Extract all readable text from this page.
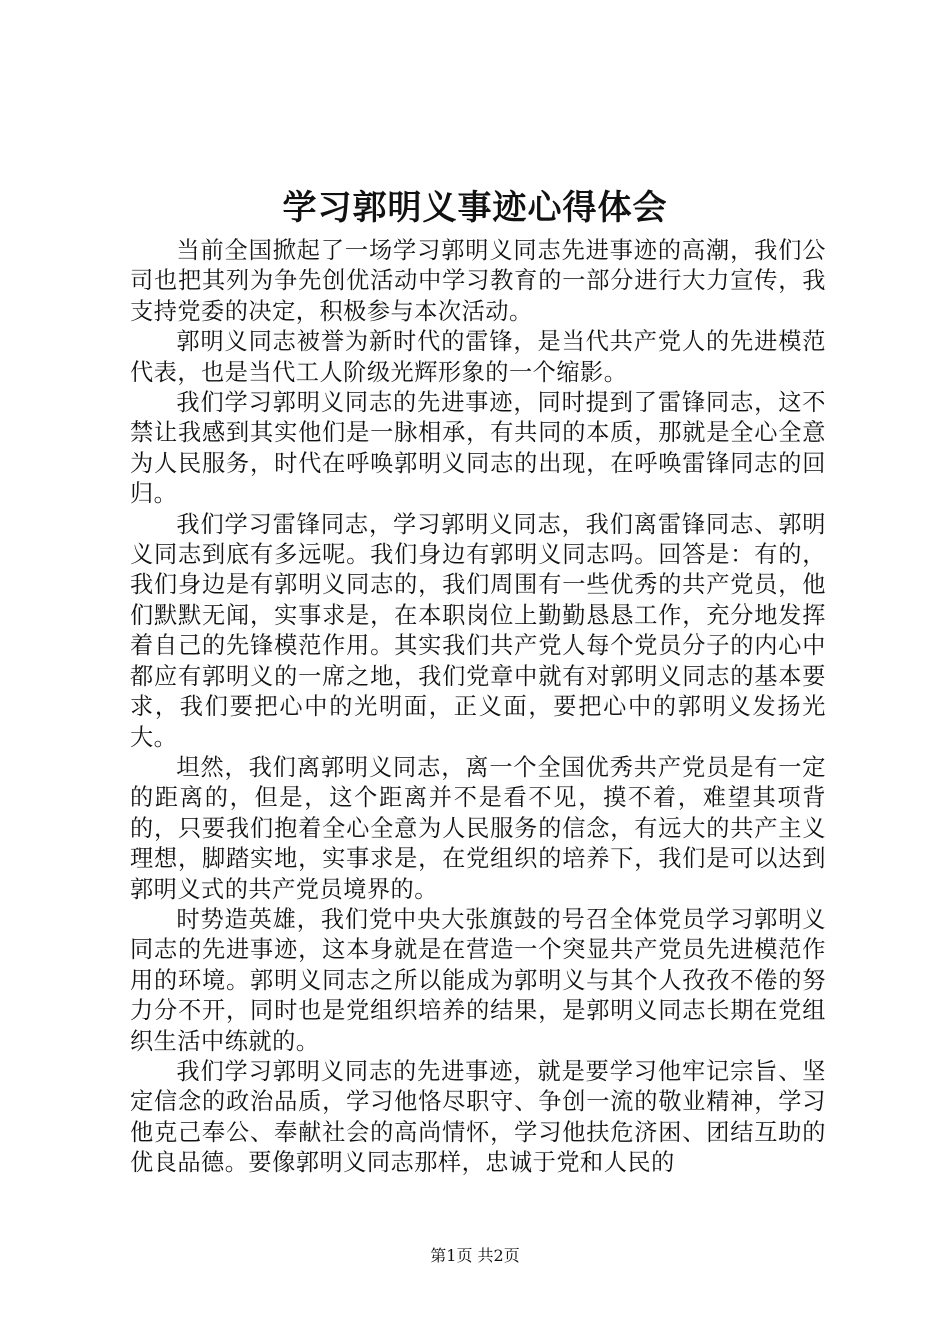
学习郭明义事迹心得体会

当前全国掀起了一场学习郭明义同志先进事迹的高潮，我们公司也把其列为争先创优活动中学习教育的一部分进行大力宣传，我支持党委的决定，积极参与本次活动。

郭明义同志被誉为新时代的雷锋，是当代共产党人的先进模范代表，也是当代工人阶级光辉形象的一个缩影。

我们学习郭明义同志的先进事迹，同时提到了雷锋同志，这不禁让我感到其实他们是一脉相承，有共同的本质，那就是全心全意为人民服务，时代在呼唤郭明义同志的出现，在呼唤雷锋同志的回归。

我们学习雷锋同志，学习郭明义同志，我们离雷锋同志、郭明义同志到底有多远呢。我们身边有郭明义同志吗。回答是：有的，我们身边是有郭明义同志的，我们周围有一些优秀的共产党员，他们默默无闻，实事求是，在本职岗位上勤勤恳恳工作，充分地发挥着自己的先锋模范作用。其实我们共产党人每个党员分子的内心中都应有郭明义的一席之地，我们党章中就有对郭明义同志的基本要求，我们要把心中的光明面，正义面，要把心中的郭明义发扬光大。

坦然，我们离郭明义同志，离一个全国优秀共产党员是有一定的距离的，但是，这个距离并不是看不见，摸不着，难望其项背的，只要我们抱着全心全意为人民服务的信念，有远大的共产主义理想，脚踏实地，实事求是，在党组织的培养下，我们是可以达到郭明义式的共产党员境界的。

时势造英雄，我们党中央大张旗鼓的号召全体党员学习郭明义同志的先进事迹，这本身就是在营造一个突显共产党员先进模范作用的环境。郭明义同志之所以能成为郭明义与其个人孜孜不倦的努力分不开，同时也是党组织培养的结果，是郭明义同志长期在党组织生活中练就的。

我们学习郭明义同志的先进事迹，就是要学习他牢记宗旨、坚定信念的政治品质，学习他恪尽职守、争创一流的敬业精神，学习他克己奉公、奉献社会的高尚情怀，学习他扶危济困、团结互助的优良品德。要像郭明义同志那样，忠诚于党和人民的

第1页 共2页
